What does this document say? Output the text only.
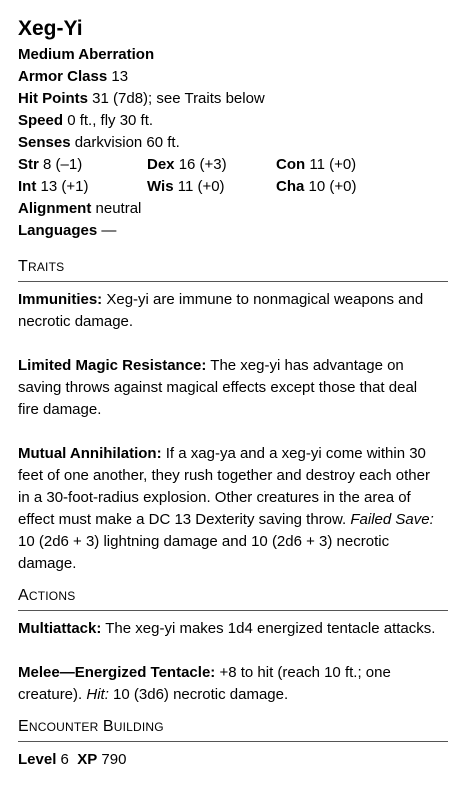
Xeg-Yi
Medium Aberration
Armor Class 13
Hit Points 31 (7d8); see Traits below
Speed 0 ft., fly 30 ft.
Senses darkvision 60 ft.
Str 8 (–1)	Dex 16 (+3)	Con 11 (+0)
Int 13 (+1)	Wis 11 (+0)	Cha 10 (+0)
Alignment neutral
Languages —
TRAITS

Immunities: Xeg-yi are immune to nonmagical weapons and necrotic damage.

Limited Magic Resistance: The xeg-yi has advantage on saving throws against magical effects except those that deal fire damage.

Mutual Annihilation: If a xag-ya and a xeg-yi come within 30 feet of one another, they rush together and destroy each other in a 30-foot-radius explosion. Other creatures in the area of effect must make a DC 13 Dexterity saving throw. Failed Save: 10 (2d6 + 3) lightning damage and 10 (2d6 + 3) necrotic damage.

ACTIONS

Multiattack: The xeg-yi makes 1d4 energized tentacle attacks.

Melee—Energized Tentacle: +8 to hit (reach 10 ft.; one creature). Hit: 10 (3d6) necrotic damage.

ENCOUNTER BUILDING
Level 6 XP 790
